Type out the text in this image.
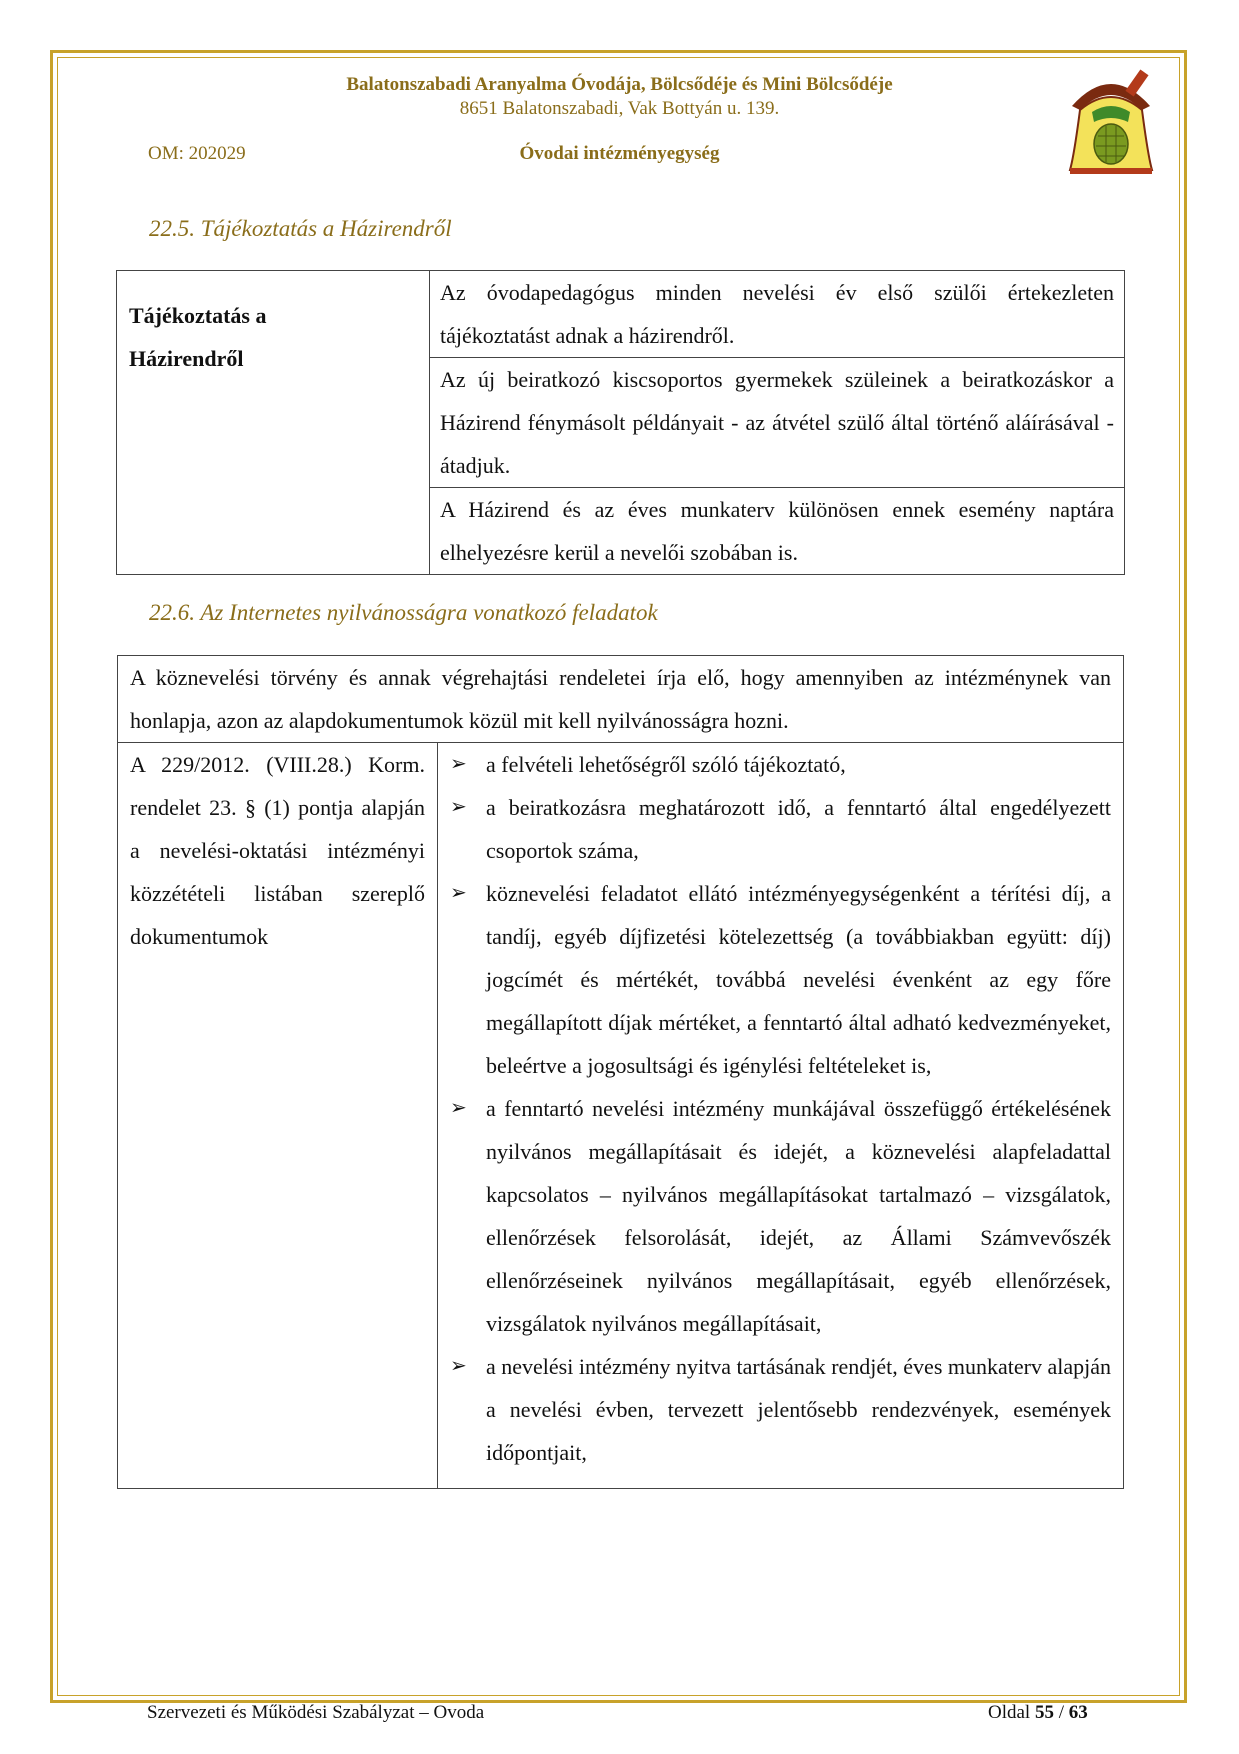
Balatonszabadi Aranyalma Óvodája, Bölcsődéje és Mini Bölcsődéje
8651 Balatonszabadi, Vak Bottyán u. 139.
OM: 202029	Óvodai intézményegység
22.5. Tájékoztatás a Házirendről
Tájékoztatás a
Házirendről
	Az óvodapedagógus minden nevelési év első szülői értekezleten tájékoztatást adnak a házirendről.
Az új beiratkozó kiscsoportos gyermekek szüleinek a beiratkozáskor a Házirend fénymásolt példányait - az átvétel szülő által történő aláírásával - átadjuk.
A Házirend és az éves munkaterv különösen ennek esemény naptára elhelyezésre kerül a nevelői szobában is.
22.6. Az Internetes nyilvánosságra vonatkozó feladatok
A köznevelési törvény és annak végrehajtási rendeletei írja elő, hogy amennyiben az intézménynek van honlapja, azon az alapdokumentumok közül mit kell nyilvánosságra hozni.
A 229/2012. (VIII.28.) Korm. rendelet 23. § (1) pontja alapján a nevelési-oktatási intézményi közzétételi listában szereplő dokumentumok	
➢ a felvételi lehetőségről szóló tájékoztató,
➢ a beiratkozásra meghatározott idő, a fenntartó által engedélyezett csoportok száma,
➢ köznevelési feladatot ellátó intézményegységenként a térítési díj, a tandíj, egyéb díjfizetési kötelezettség (a továbbiakban együtt: díj) jogcímét és mértékét, továbbá nevelési évenként az egy főre megállapított díjak mértéket, a fenntartó által adható kedvezményeket, beleértve a jogosultsági és igénylési feltételeket is,
➢ a fenntartó nevelési intézmény munkájával összefüggő értékelésének nyilvános megállapításait és idejét, a köznevelési alapfeladattal kapcsolatos – nyilvános megállapításokat tartalmazó – vizsgálatok, ellenőrzések felsorolását, idejét, az Állami Számvevőszék ellenőrzéseinek nyilvános megállapításait, egyéb ellenőrzések, vizsgálatok nyilvános megállapításait,
➢ a nevelési intézmény nyitva tartásának rendjét, éves munkaterv alapján a nevelési évben, tervezett jelentősebb rendezvények, események időpontjait,
Szervezeti és Működési Szabályzat – Ovoda	Oldal 55 / 63
